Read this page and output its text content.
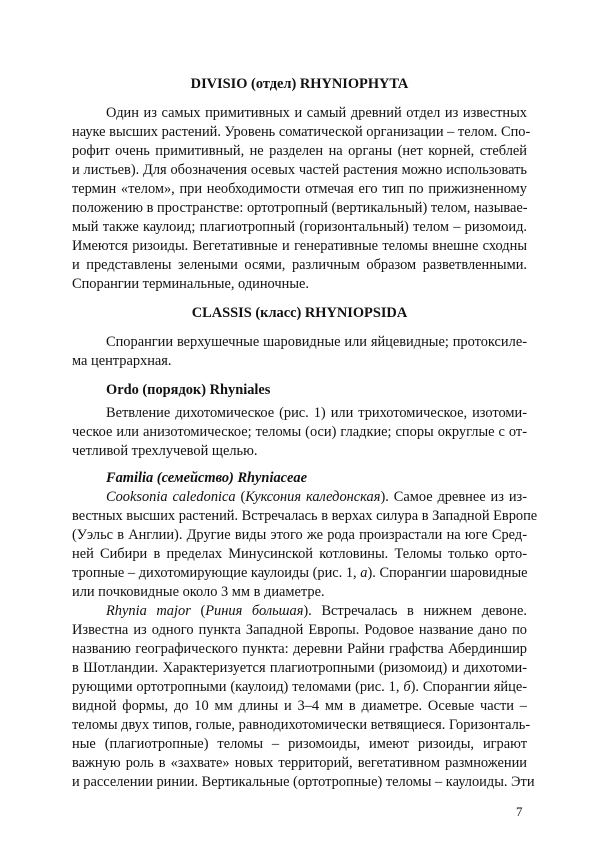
DIVISIO (отдел) RHYNIOPHYTA
Один из самых примитивных и самый древний отдел из известных
науке высших растений. Уровень соматической организации – телом. Спо-
рофит очень примитивный, не разделен на органы (нет корней, стеблей
и листьев). Для обозначения осевых частей растения можно использовать
термин «телом», при необходимости отмечая его тип по прижизненному
положению в пространстве: ортотропный (вертикальный) телом, называе-
мый также каулоид; плагиотропный (горизонтальный) телом – ризомоид.
Имеются ризоиды. Вегетативные и генеративные теломы внешне сходны
и представлены зелеными осями, различным образом разветвленными.
Спорангии терминальные, одиночные.
CLASSIS (класс) RHYNIOPSIDA
Спорангии верхушечные шаровидные или яйцевидные; протоксиле-
ма центрархная.
Ordo (порядок) Rhyniales
Ветвление дихотомическое (рис. 1) или трихотомическое, изотоми-
ческое или анизотомическое; теломы (оси) гладкие; споры округлые с от-
четливой трехлучевой щелью.
Familia (семейство) Rhyniaceae
Cooksonia caledonica (Куксония каледонская). Самое древнее из из-
вестных высших растений. Встречалась в верхах силура в Западной Европе
(Уэльс в Англии). Другие виды этого же рода произрастали на юге Сред-
ней Сибири в пределах Минусинской котловины. Теломы только орто-
тропные – дихотомирующие каулоиды (рис. 1, а). Спорангии шаровидные
или почковидные около 3 мм в диаметре.
Rhynia major (Риния большая). Встречалась в нижнем девоне.
Известна из одного пункта Западной Европы. Родовое название дано по
названию географического пункта: деревни Райни графства Абердиншир
в Шотландии. Характеризуется плагиотропными (ризомоид) и дихотоми-
рующими ортотропными (каулоид) теломами (рис. 1, б). Спорангии яйце-
видной формы, до 10 мм длины и 3–4 мм в диаметре. Осевые части –
теломы двух типов, голые, равнодихотомически ветвящиеся. Горизонталь-
ные (плагиотропные) теломы – ризомоиды, имеют ризоиды, играют
важную роль в «захвате» новых территорий, вегетативном размножении
и расселении ринии. Вертикальные (ортотропные) теломы – каулоиды. Эти
7
